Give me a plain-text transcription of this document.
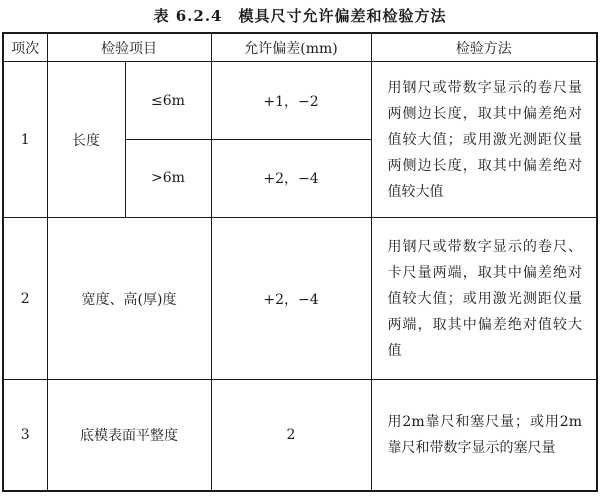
表 6.2.4　模具尺寸允许偏差和检验方法
项次	检验项目		允许偏差(mm)	检验方法
1	长度	≤6m	+1，−2	用钢尺或带数字显示的卷尺量两侧边长度，取其中偏差绝对值较大值；或用激光测距仪量两侧边长度，取其中偏差绝对值较大值
		>6m	+2，−4	
2	宽度、高(厚)度		+2，−4	用钢尺或带数字显示的卷尺、卡尺量两端，取其中偏差绝对值较大值；或用激光测距仪量两端，取其中偏差绝对值较大值
3	底模表面平整度		2	用2m靠尺和塞尺量；或用2m靠尺和带数字显示的塞尺量
